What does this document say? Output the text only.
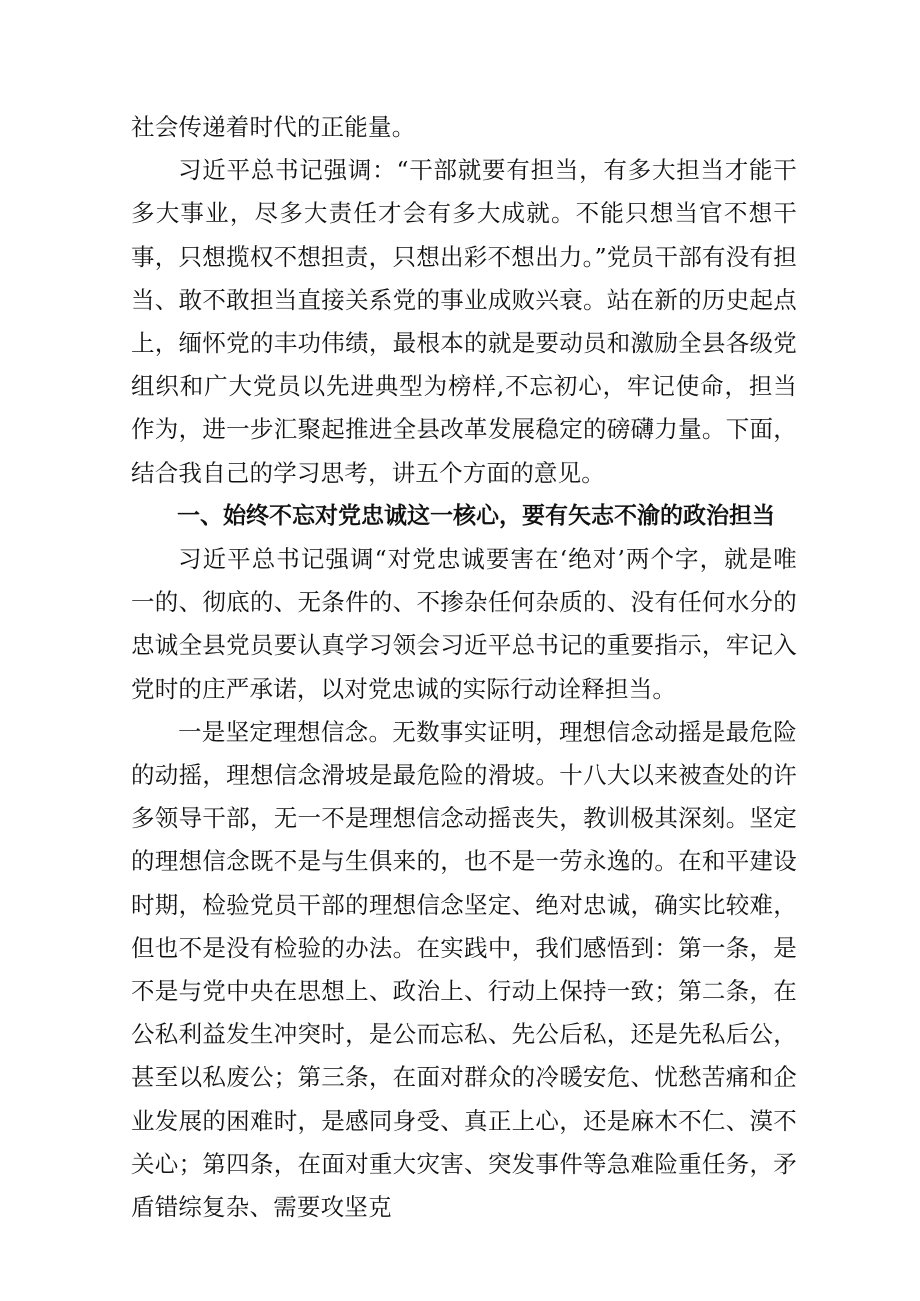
社会传递着时代的正能量。

习近平总书记强调：“干部就要有担当，有多大担当才能干多大事业，尽多大责任才会有多大成就。不能只想当官不想干事，只想揽权不想担责，只想出彩不想出力。”党员干部有没有担当、敢不敢担当直接关系党的事业成败兴衰。站在新的历史起点上，缅怀党的丰功伟绩，最根本的就是要动员和激励全县各级党组织和广大党员以先进典型为榜样,不忘初心，牢记使命，担当作为，进一步汇聚起推进全县改革发展稳定的磅礴力量。下面，结合我自己的学习思考，讲五个方面的意见。

一、始终不忘对党忠诚这一核心，要有矢志不渝的政治担当

习近平总书记强调“对党忠诚要害在‘绝对’两个字，就是唯一的、彻底的、无条件的、不掺杂任何杂质的、没有任何水分的忠诚全县党员要认真学习领会习近平总书记的重要指示，牢记入党时的庄严承诺，以对党忠诚的实际行动诠释担当。

一是坚定理想信念。无数事实证明，理想信念动摇是最危险的动摇，理想信念滑坡是最危险的滑坡。十八大以来被查处的许多领导干部，无一不是理想信念动摇丧失，教训极其深刻。坚定的理想信念既不是与生俱来的，也不是一劳永逸的。在和平建设时期，检验党员干部的理想信念坚定、绝对忠诚，确实比较难，但也不是没有检验的办法。在实践中，我们感悟到：第一条，是不是与党中央在思想上、政治上、行动上保持一致；第二条，在公私利益发生冲突时，是公而忘私、先公后私，还是先私后公，甚至以私废公；第三条，在面对群众的冷暖安危、忧愁苦痛和企业发展的困难时，是感同身受、真正上心，还是麻木不仁、漠不关心；第四条，在面对重大灾害、突发事件等急难险重任务，矛盾错综复杂、需要攻坚克
